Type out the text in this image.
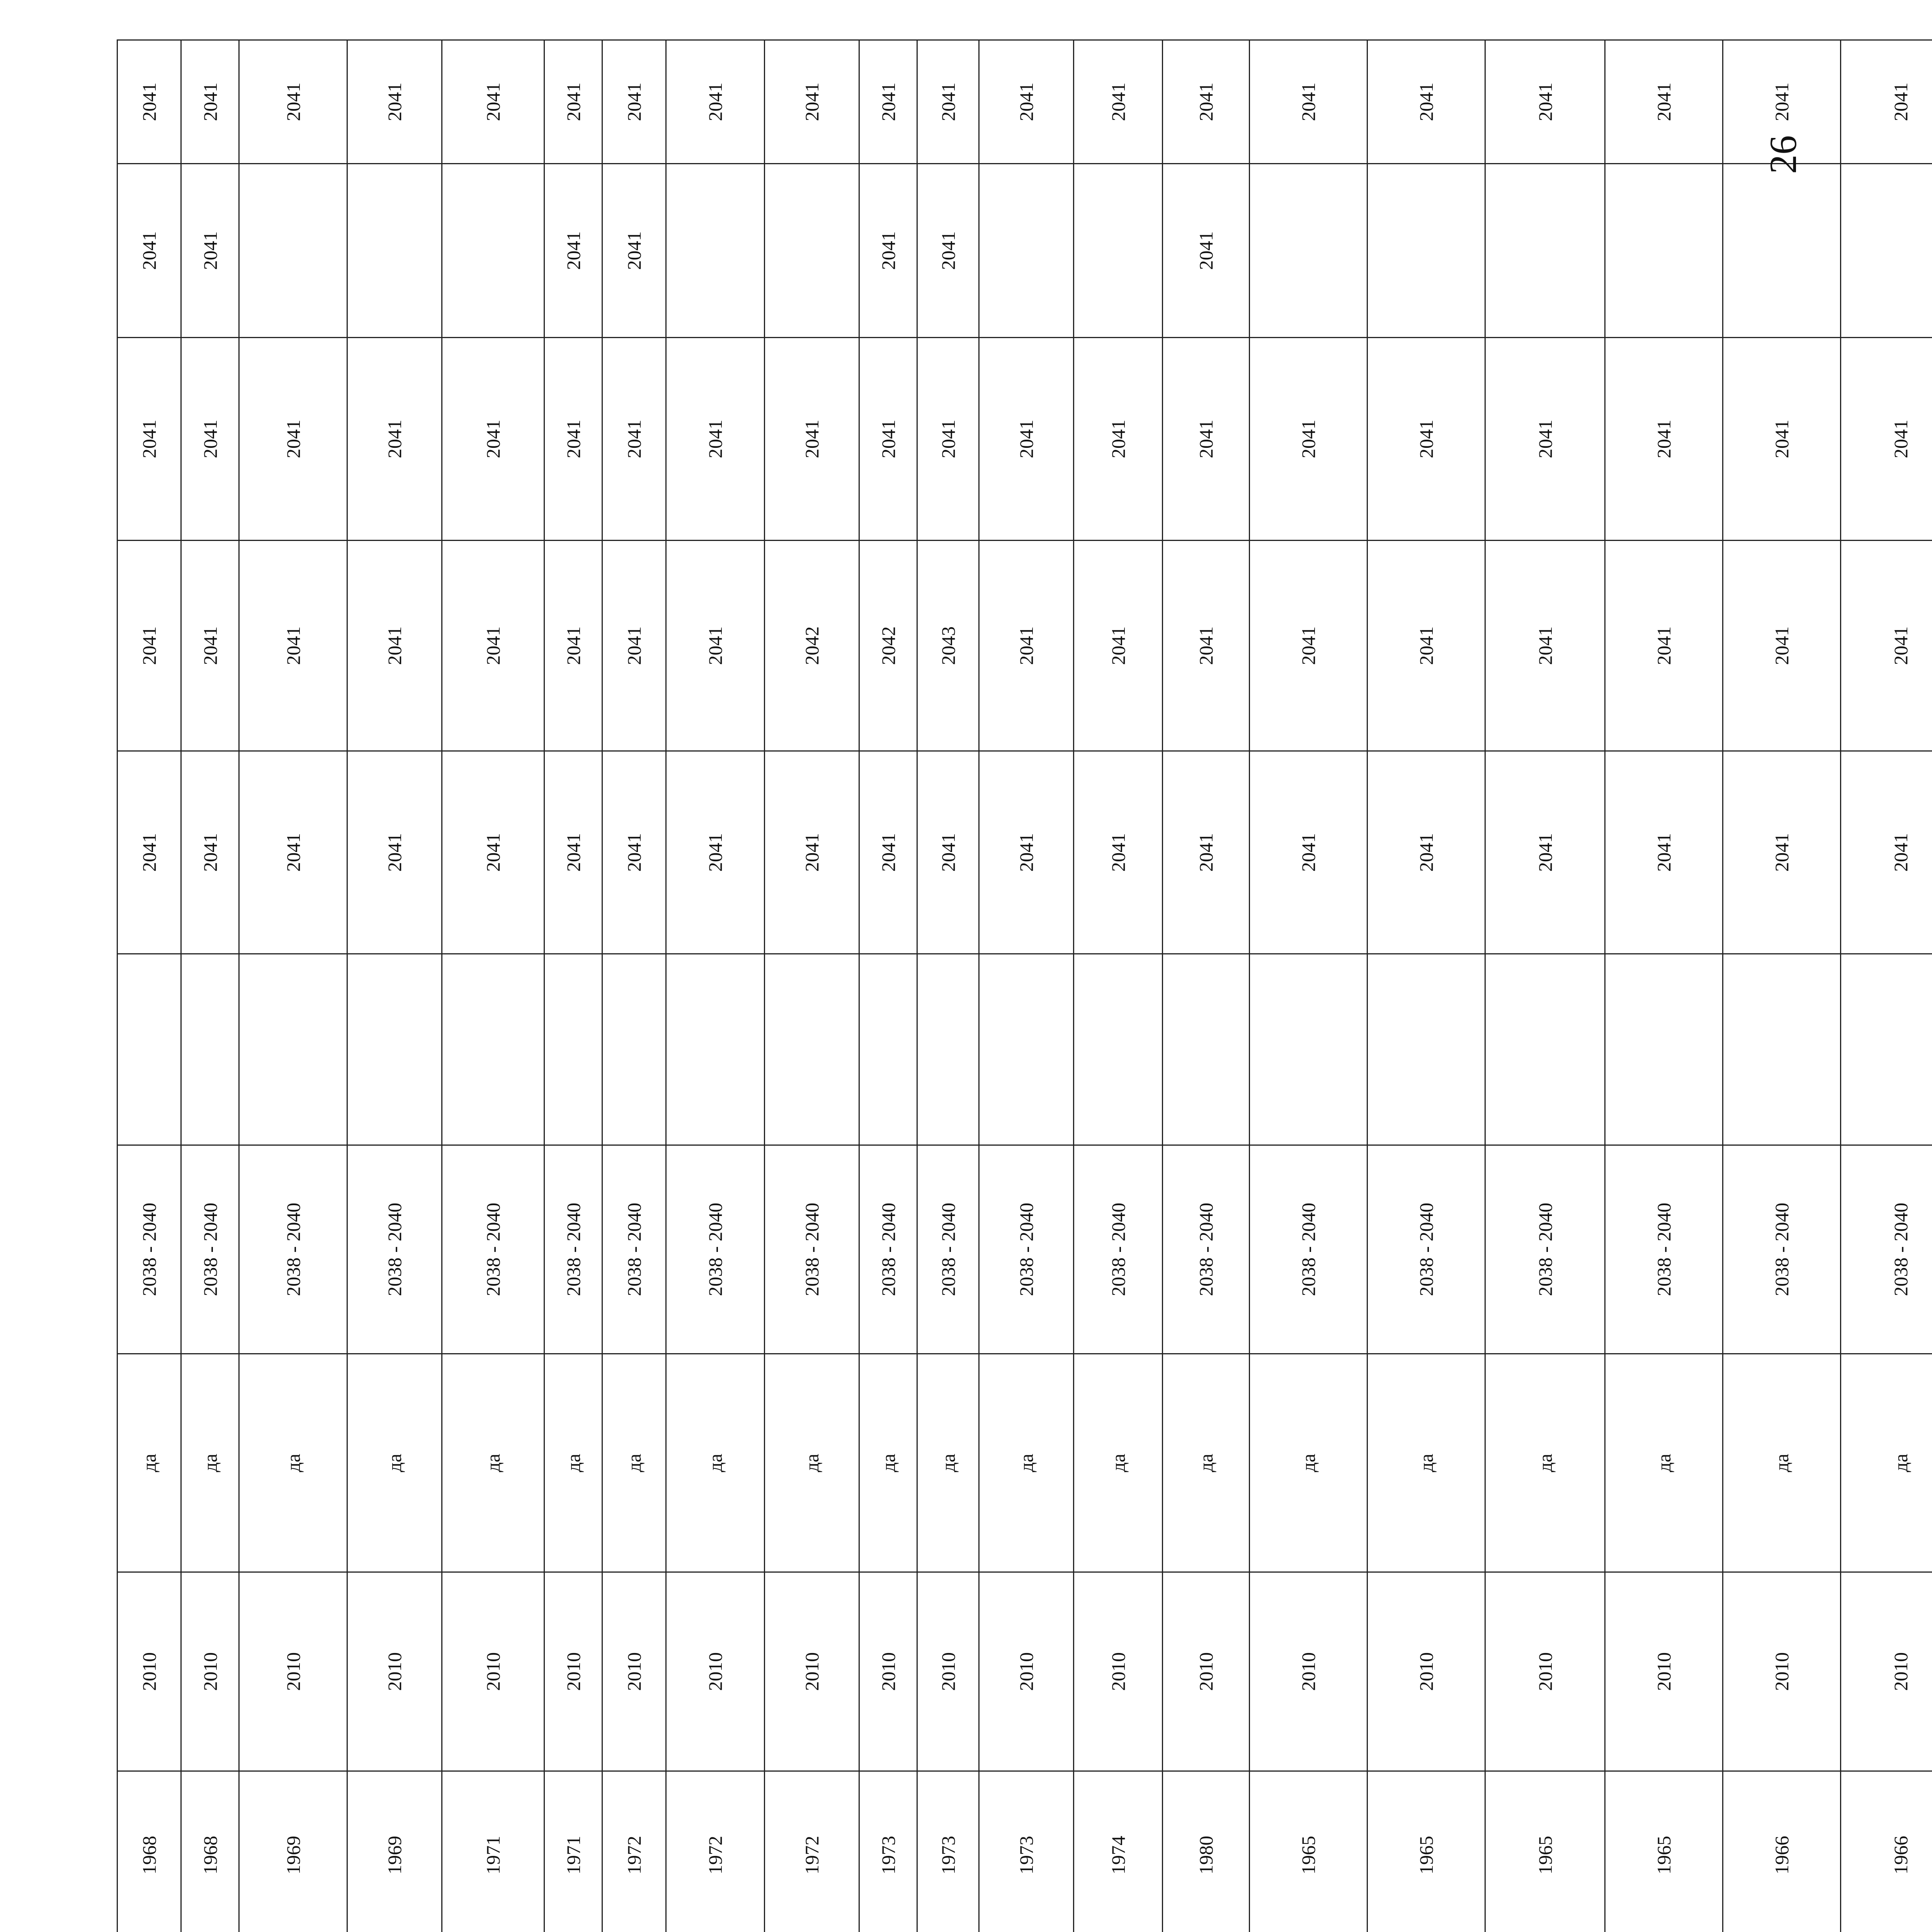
				1968	2010	да	2038 - 2040		2041	2041	2041	2041	2041
				1968	2010	да	2038 - 2040		2041	2041	2041	2041	2041
				1969	2010	да	2038 - 2040		2041	2041	2041		2041
				1969	2010	да	2038 - 2040		2041	2041	2041		2041
				1971	2010	да	2038 - 2040		2041	2041	2041		2041
				1971	2010	да	2038 - 2040		2041	2041	2041	2041	2041
				1972	2010	да	2038 - 2040		2041	2041	2041	2041	2041
				1972	2010	да	2038 - 2040		2041	2041	2041		2041
				1972	2010	да	2038 - 2040		2041	2042	2041		2041
				1973	2010	да	2038 - 2040		2041	2042	2041	2041	2041
				1973	2010	да	2038 - 2040		2041	2043	2041	2041	2041
				1973	2010	да	2038 - 2040		2041	2041	2041		2041
				1974	2010	да	2038 - 2040		2041	2041	2041		2041
				1980	2010	да	2038 - 2040		2041	2041	2041	2041	2041
				1965	2010	да	2038 - 2040		2041	2041	2041		2041
				1965	2010	да	2038 - 2040		2041	2041	2041		2041
				1965	2010	да	2038 - 2040		2041	2041	2041		2041
				1965	2010	да	2038 - 2040		2041	2041	2041		2041
				1966	2010	да	2038 - 2040		2041	2041	2041		2041
				1966	2010	да	2038 - 2040		2041	2041	2041		2041
26
